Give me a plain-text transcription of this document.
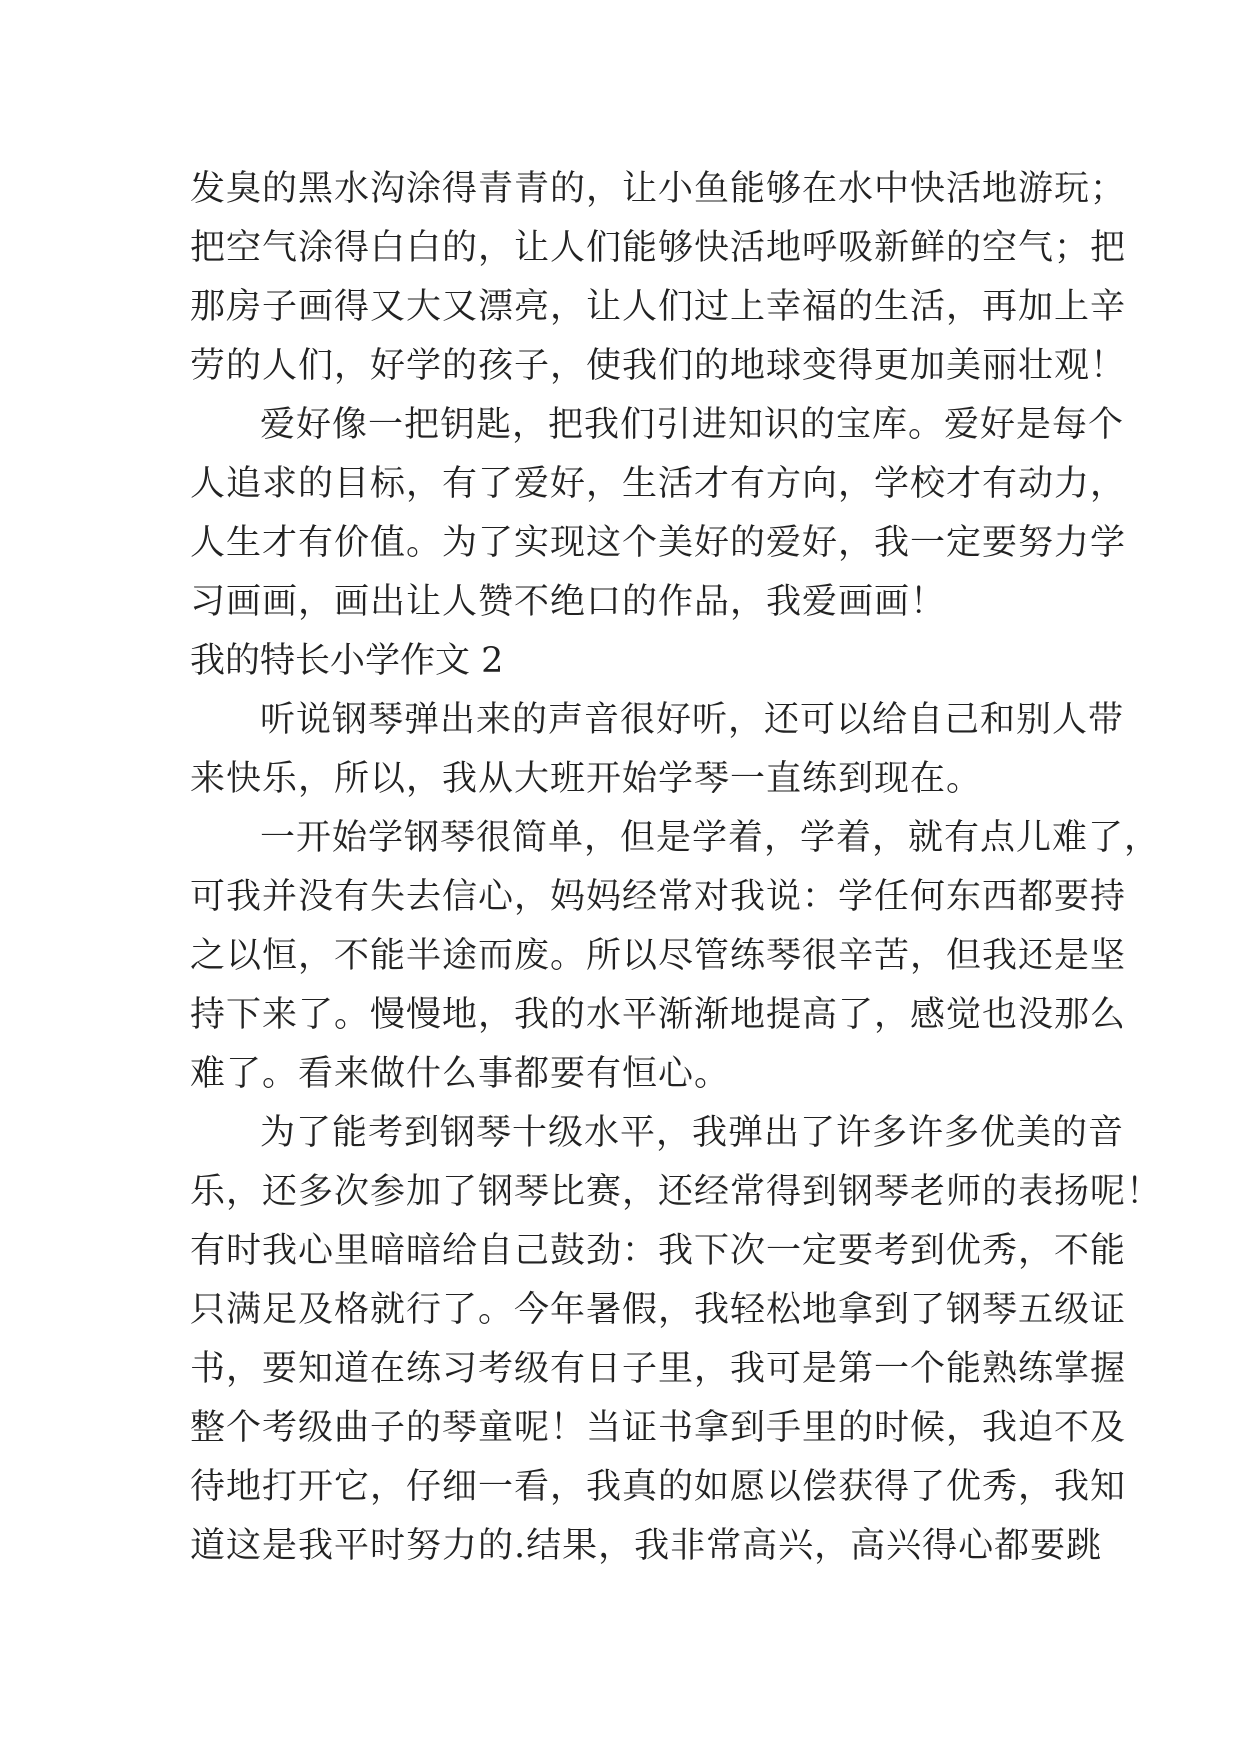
发臭的黑水沟涂得青青的，让小鱼能够在水中快活地游玩；
把空气涂得白白的，让人们能够快活地呼吸新鲜的空气；把
那房子画得又大又漂亮，让人们过上幸福的生活，再加上辛
劳的人们，好学的孩子，使我们的地球变得更加美丽壮观！
爱好像一把钥匙，把我们引进知识的宝库。爱好是每个
人追求的目标，有了爱好，生活才有方向，学校才有动力，
人生才有价值。为了实现这个美好的爱好，我一定要努力学
习画画，画出让人赞不绝口的作品，我爱画画！
我的特长小学作文 2
听说钢琴弹出来的声音很好听，还可以给自己和别人带
来快乐，所以，我从大班开始学琴一直练到现在。
一开始学钢琴很简单，但是学着，学着，就有点儿难了，
可我并没有失去信心，妈妈经常对我说：学任何东西都要持
之以恒，不能半途而废。所以尽管练琴很辛苦，但我还是坚
持下来了。慢慢地，我的水平渐渐地提高了，感觉也没那么
难了。看来做什么事都要有恒心。
为了能考到钢琴十级水平，我弹出了许多许多优美的音
乐，还多次参加了钢琴比赛，还经常得到钢琴老师的表扬呢！
有时我心里暗暗给自己鼓劲：我下次一定要考到优秀，不能
只满足及格就行了。今年暑假，我轻松地拿到了钢琴五级证
书，要知道在练习考级有日子里，我可是第一个能熟练掌握
整个考级曲子的琴童呢！当证书拿到手里的时候，我迫不及
待地打开它，仔细一看，我真的如愿以偿获得了优秀，我知
道这是我平时努力的.结果，我非常高兴，高兴得心都要跳
